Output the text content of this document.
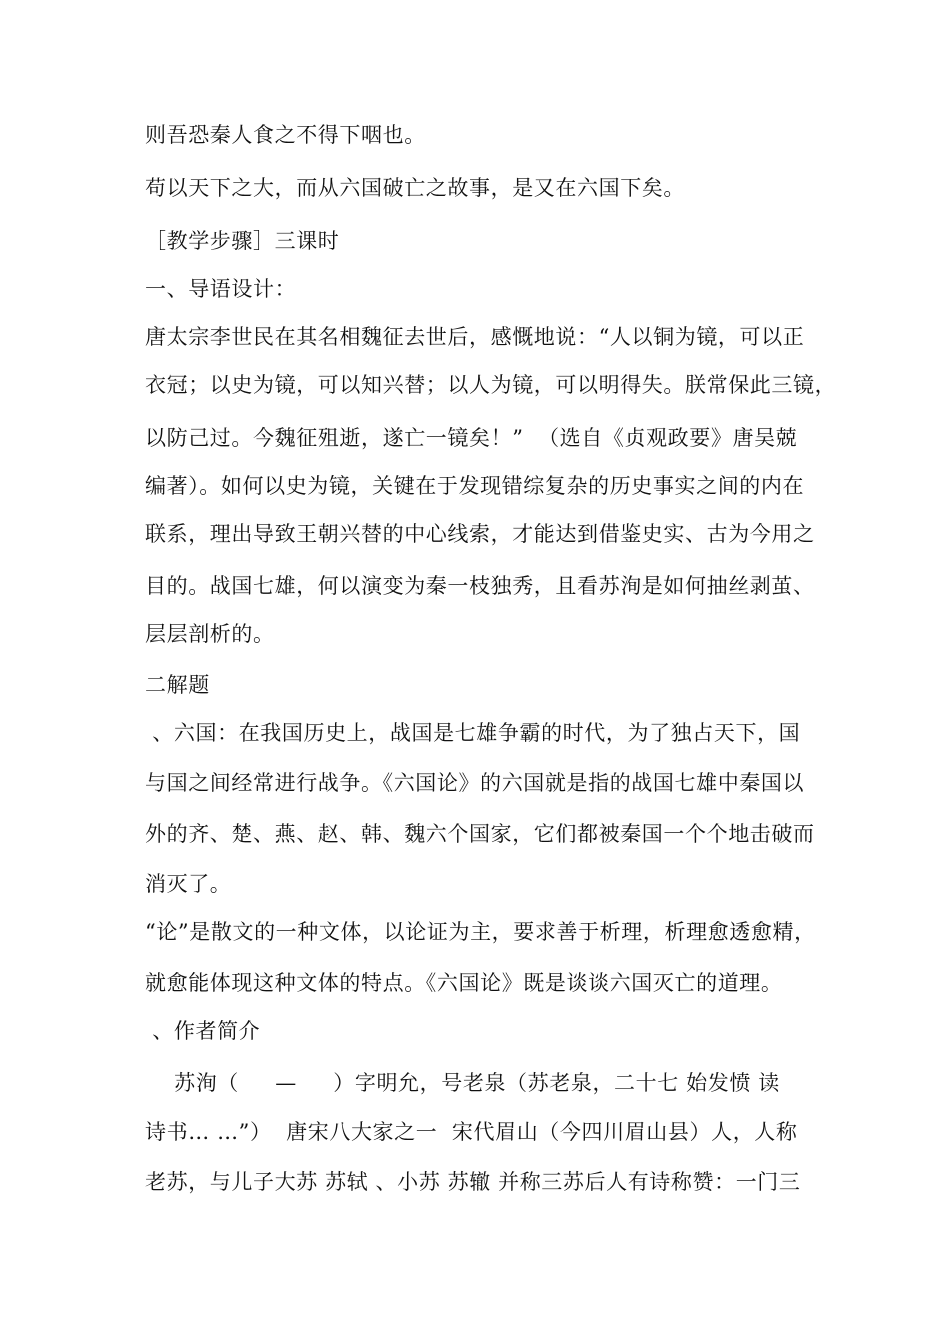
则吾恐秦人食之不得下咽也。
苟以天下之大，而从六国破亡之故事，是又在六国下矣。
［教学步骤］三课时
一、导语设计：
唐太宗李世民在其名相魏征去世后，感慨地说：“人以铜为镜，可以正
衣冠；以史为镜，可以知兴替；以人为镜，可以明得失。朕常保此三镜，
以防己过。今魏征殂逝，遂亡一镜矣！”  （选自《贞观政要》唐吴兢
编著）。如何以史为镜，关键在于发现错综复杂的历史事实之间的内在
联系，理出导致王朝兴替的中心线索，才能达到借鉴史实、古为今用之
目的。战国七雄，何以演变为秦一枝独秀，且看苏洵是如何抽丝剥茧、
层层剖析的。
二解题
、六国：在我国历史上，战国是七雄争霸的时代，为了独占天下，国
与国之间经常进行战争。《六国论》的六国就是指的战国七雄中秦国以
外的齐、楚、燕、赵、韩、魏六个国家，它们都被秦国一个个地击破而
消灭了。
“论”是散文的一种文体，以论证为主，要求善于析理，析理愈透愈精，
就愈能体现这种文体的特点。《六国论》既是谈谈六国灭亡的道理。
、作者简介
苏洵（     —     ）字明允，号老泉（苏老泉，二十七 始发愤 读
诗书… …”）  唐宋八大家之一  宋代眉山（今四川眉山县）人，人称
老苏，与儿子大苏 苏轼 、小苏 苏辙 并称三苏后人有诗称赞：一门三
